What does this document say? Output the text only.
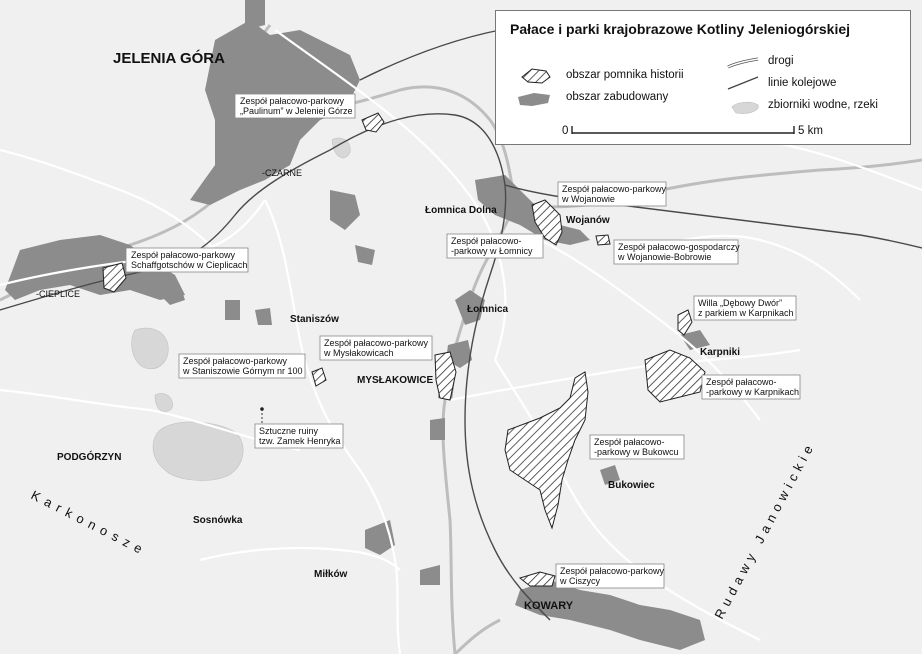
JELENIA GÓRA
-CZARNE
-CIEPLICE
Staniszów
MYSŁAKOWICE
Łomnica Dolna
Łomnica
Wojanów
Karpniki
Bukowiec
PODGÓRZYN
Sosnówka
Miłków
KOWARY
Karkonosze	Rudawy Janowickie
Zespół pałacowo-parkowy
„Paulinum” w Jeleniej Górze
Zespół pałacowo-parkowy
Schaffgotschów w Cieplicach
Zespół pałacowo-parkowy
w Wojanowie
Zespół pałacowo-
-parkowy w Łomnicy	Zespół pałacowo-gospodarczy
w Wojanowie-Bobrowie
Willa „Dębowy Dwór”
z parkiem w Karpnikach
Zespół pałacowo-parkowy
w Mysłakowicach
Zespół pałacowo-parkowy
w Staniszowie Górnym nr 100
Zespół pałacowo-
-parkowy w Karpnikach
Sztuczne ruiny
tzw. Zamek Henryka	Zespół pałacowo-
-parkowy w Bukowcu
Zespół pałacowo-parkowy
w Ciszycy
Pałace i parki krajobrazowe Kotliny Jeleniogórskiej
obszar pomnika historii
obszar zabudowany
drogi
linie kolejowe
zbiorniki wodne, rzeki
0	5 km
